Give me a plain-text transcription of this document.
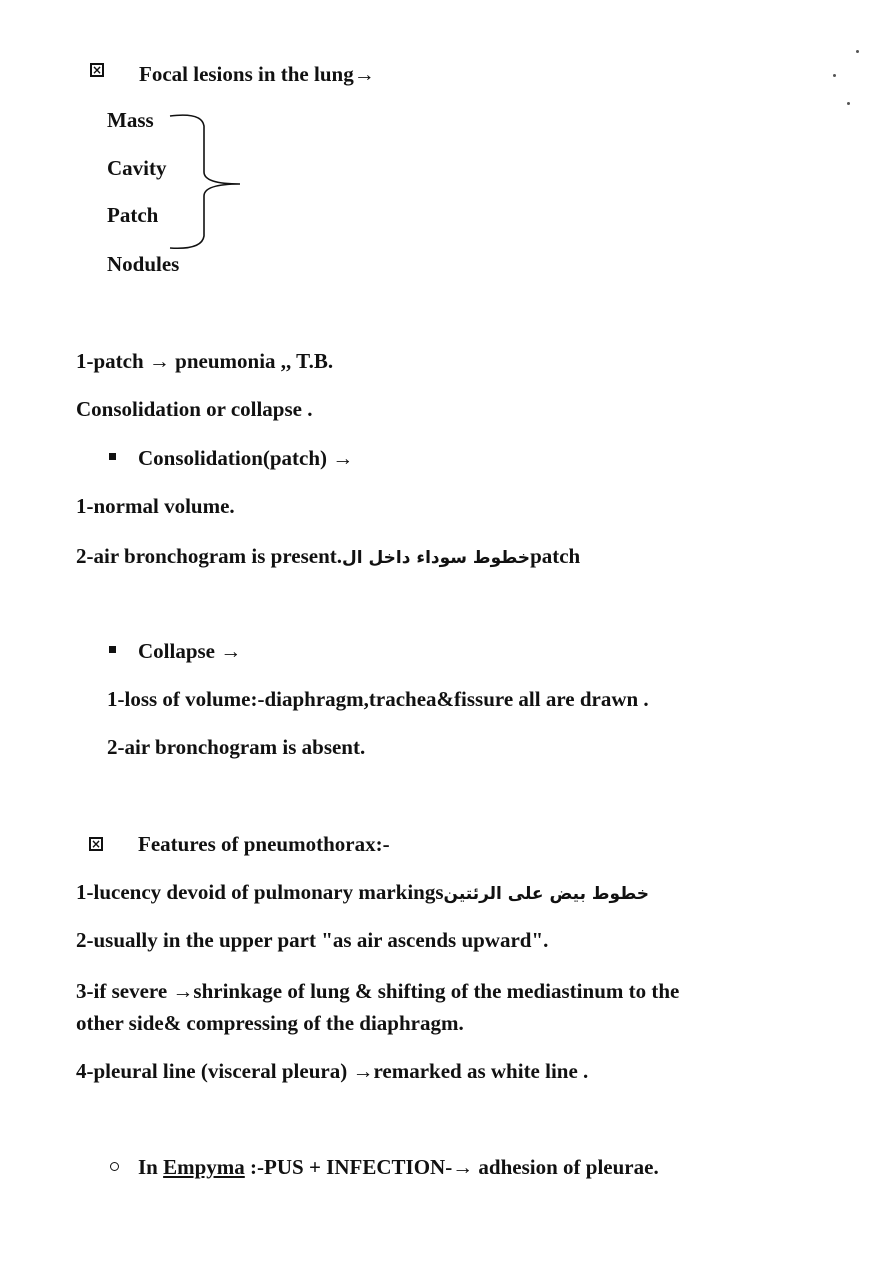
× Focal lesions in the lung→
Mass
Cavity
Patch
Nodules
1-patch → pneumonia ,, T.B.
Consolidation or collapse .
Consolidation(patch) →
1-normal volume.
2-air bronchogram is present.خطوط سوداء داخل الpatch
Collapse →
1-loss of volume:-diaphragm,trachea&fissure all are drawn .
2-air bronchogram is absent.
× Features of pneumothorax:-
1-lucency devoid of pulmonary markingsخطوط بيض على الرئتين
2-usually in the upper part "as air ascends upward".
3-if severe →shrinkage of lung & shifting of the mediastinum to the
other side& compressing of the diaphragm.
4-pleural line (visceral pleura) →remarked as white line .
In Empyma :-PUS + INFECTION-→ adhesion of pleurae.
